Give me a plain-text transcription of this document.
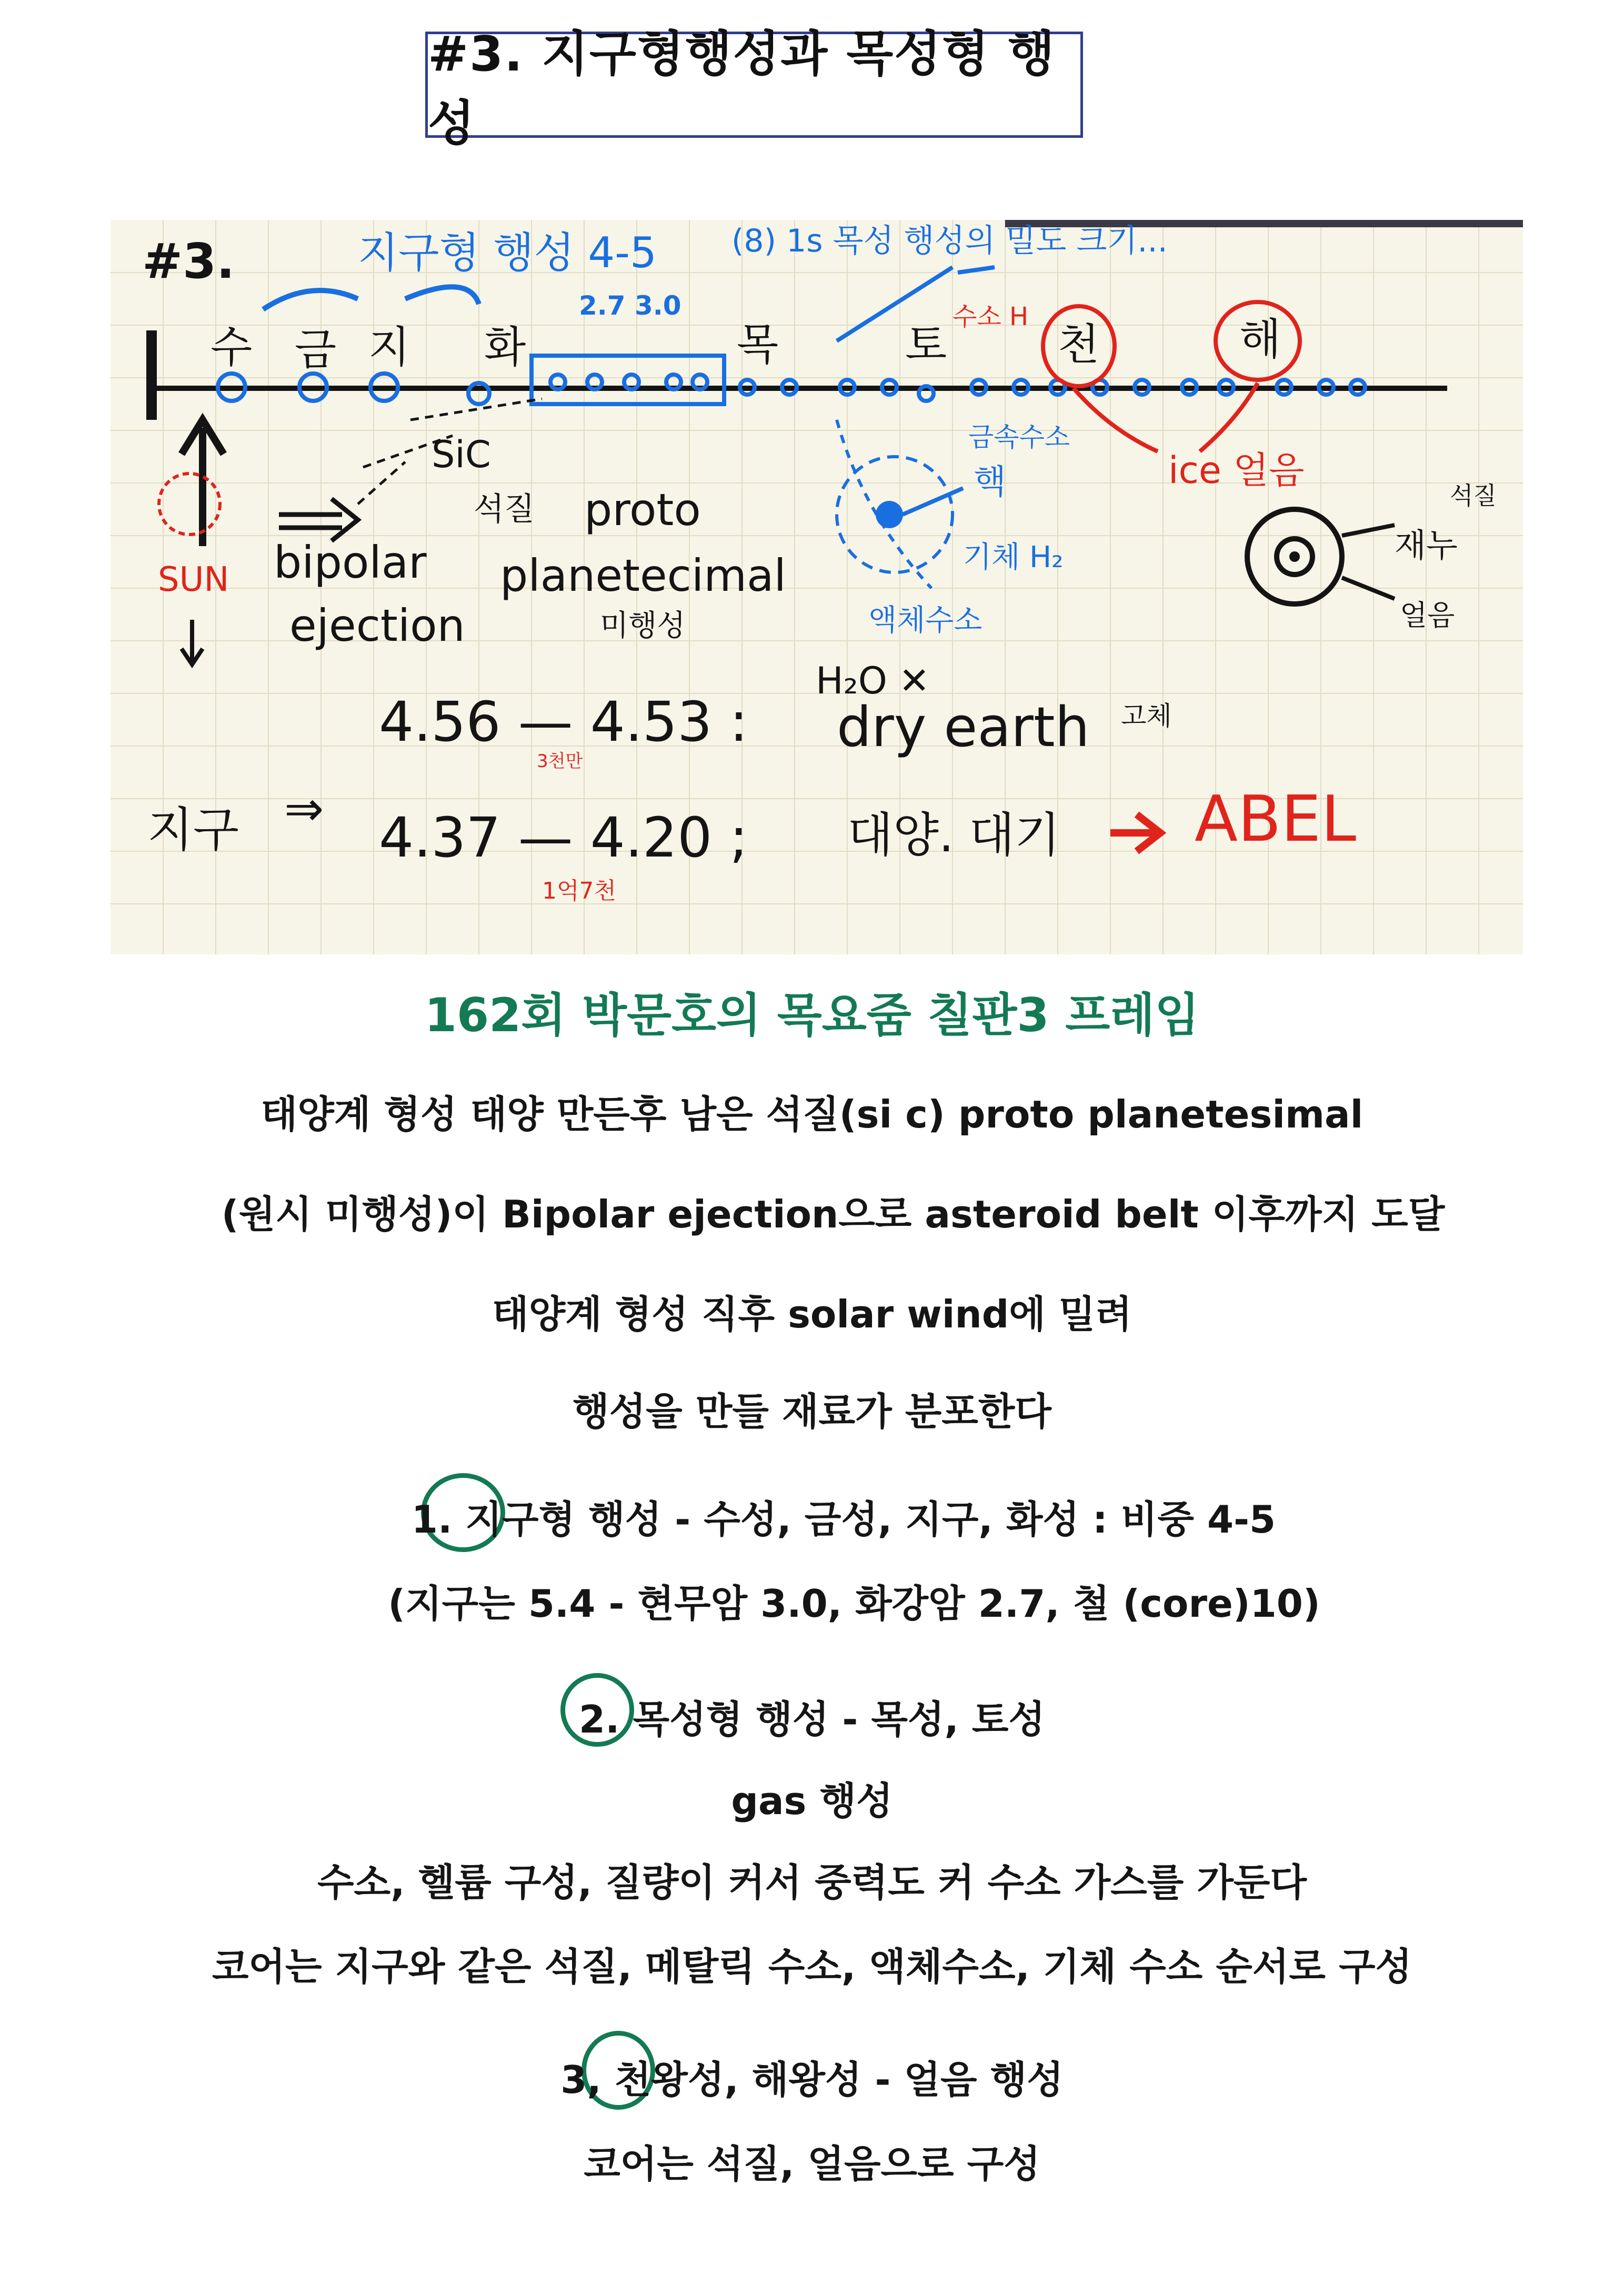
#3. 지구형행성과 목성형 행성
#3.	지구형 행성 4-5
2.7 3.0
(8) 1s 목성 행성의 밀도 크기...
수소 H
수 금 지 화	목	토	천	해
SUN
SiC
석질
bipolar
ejection
proto
planetecimal
미행성
금속수소
핵
기체 H₂
액체수소
ice 얼음
석질
재누
얼음
H₂O ✕
4.56 — 4.53 :
3천만
dry earth 고체
지구 ⇒ 4.37 — 4.20 ;
1억7천
대양. 대기 ABEL
162회 박문호의 목요줌 칠판3 프레임
태양계 형성 태양 만든후 남은 석질(si c) proto planetesimal
(원시 미행성)이 Bipolar ejection으로 asteroid belt 이후까지 도달
태양계 형성 직후 solar wind에 밀려
행성을 만들 재료가 분포한다
1. 지구형 행성 - 수성, 금성, 지구, 화성 : 비중 4-5
(지구는 5.4 - 현무암 3.0, 화강암 2.7, 철 (core)10)
2. 목성형 행성 - 목성, 토성
gas 행성
수소, 헬륨 구성, 질량이 커서 중력도 커 수소 가스를 가둔다
코어는 지구와 같은 석질, 메탈릭 수소, 액체수소, 기체 수소 순서로 구성
3, 천왕성, 해왕성 - 얼음 행성
코어는 석질, 얼음으로 구성
